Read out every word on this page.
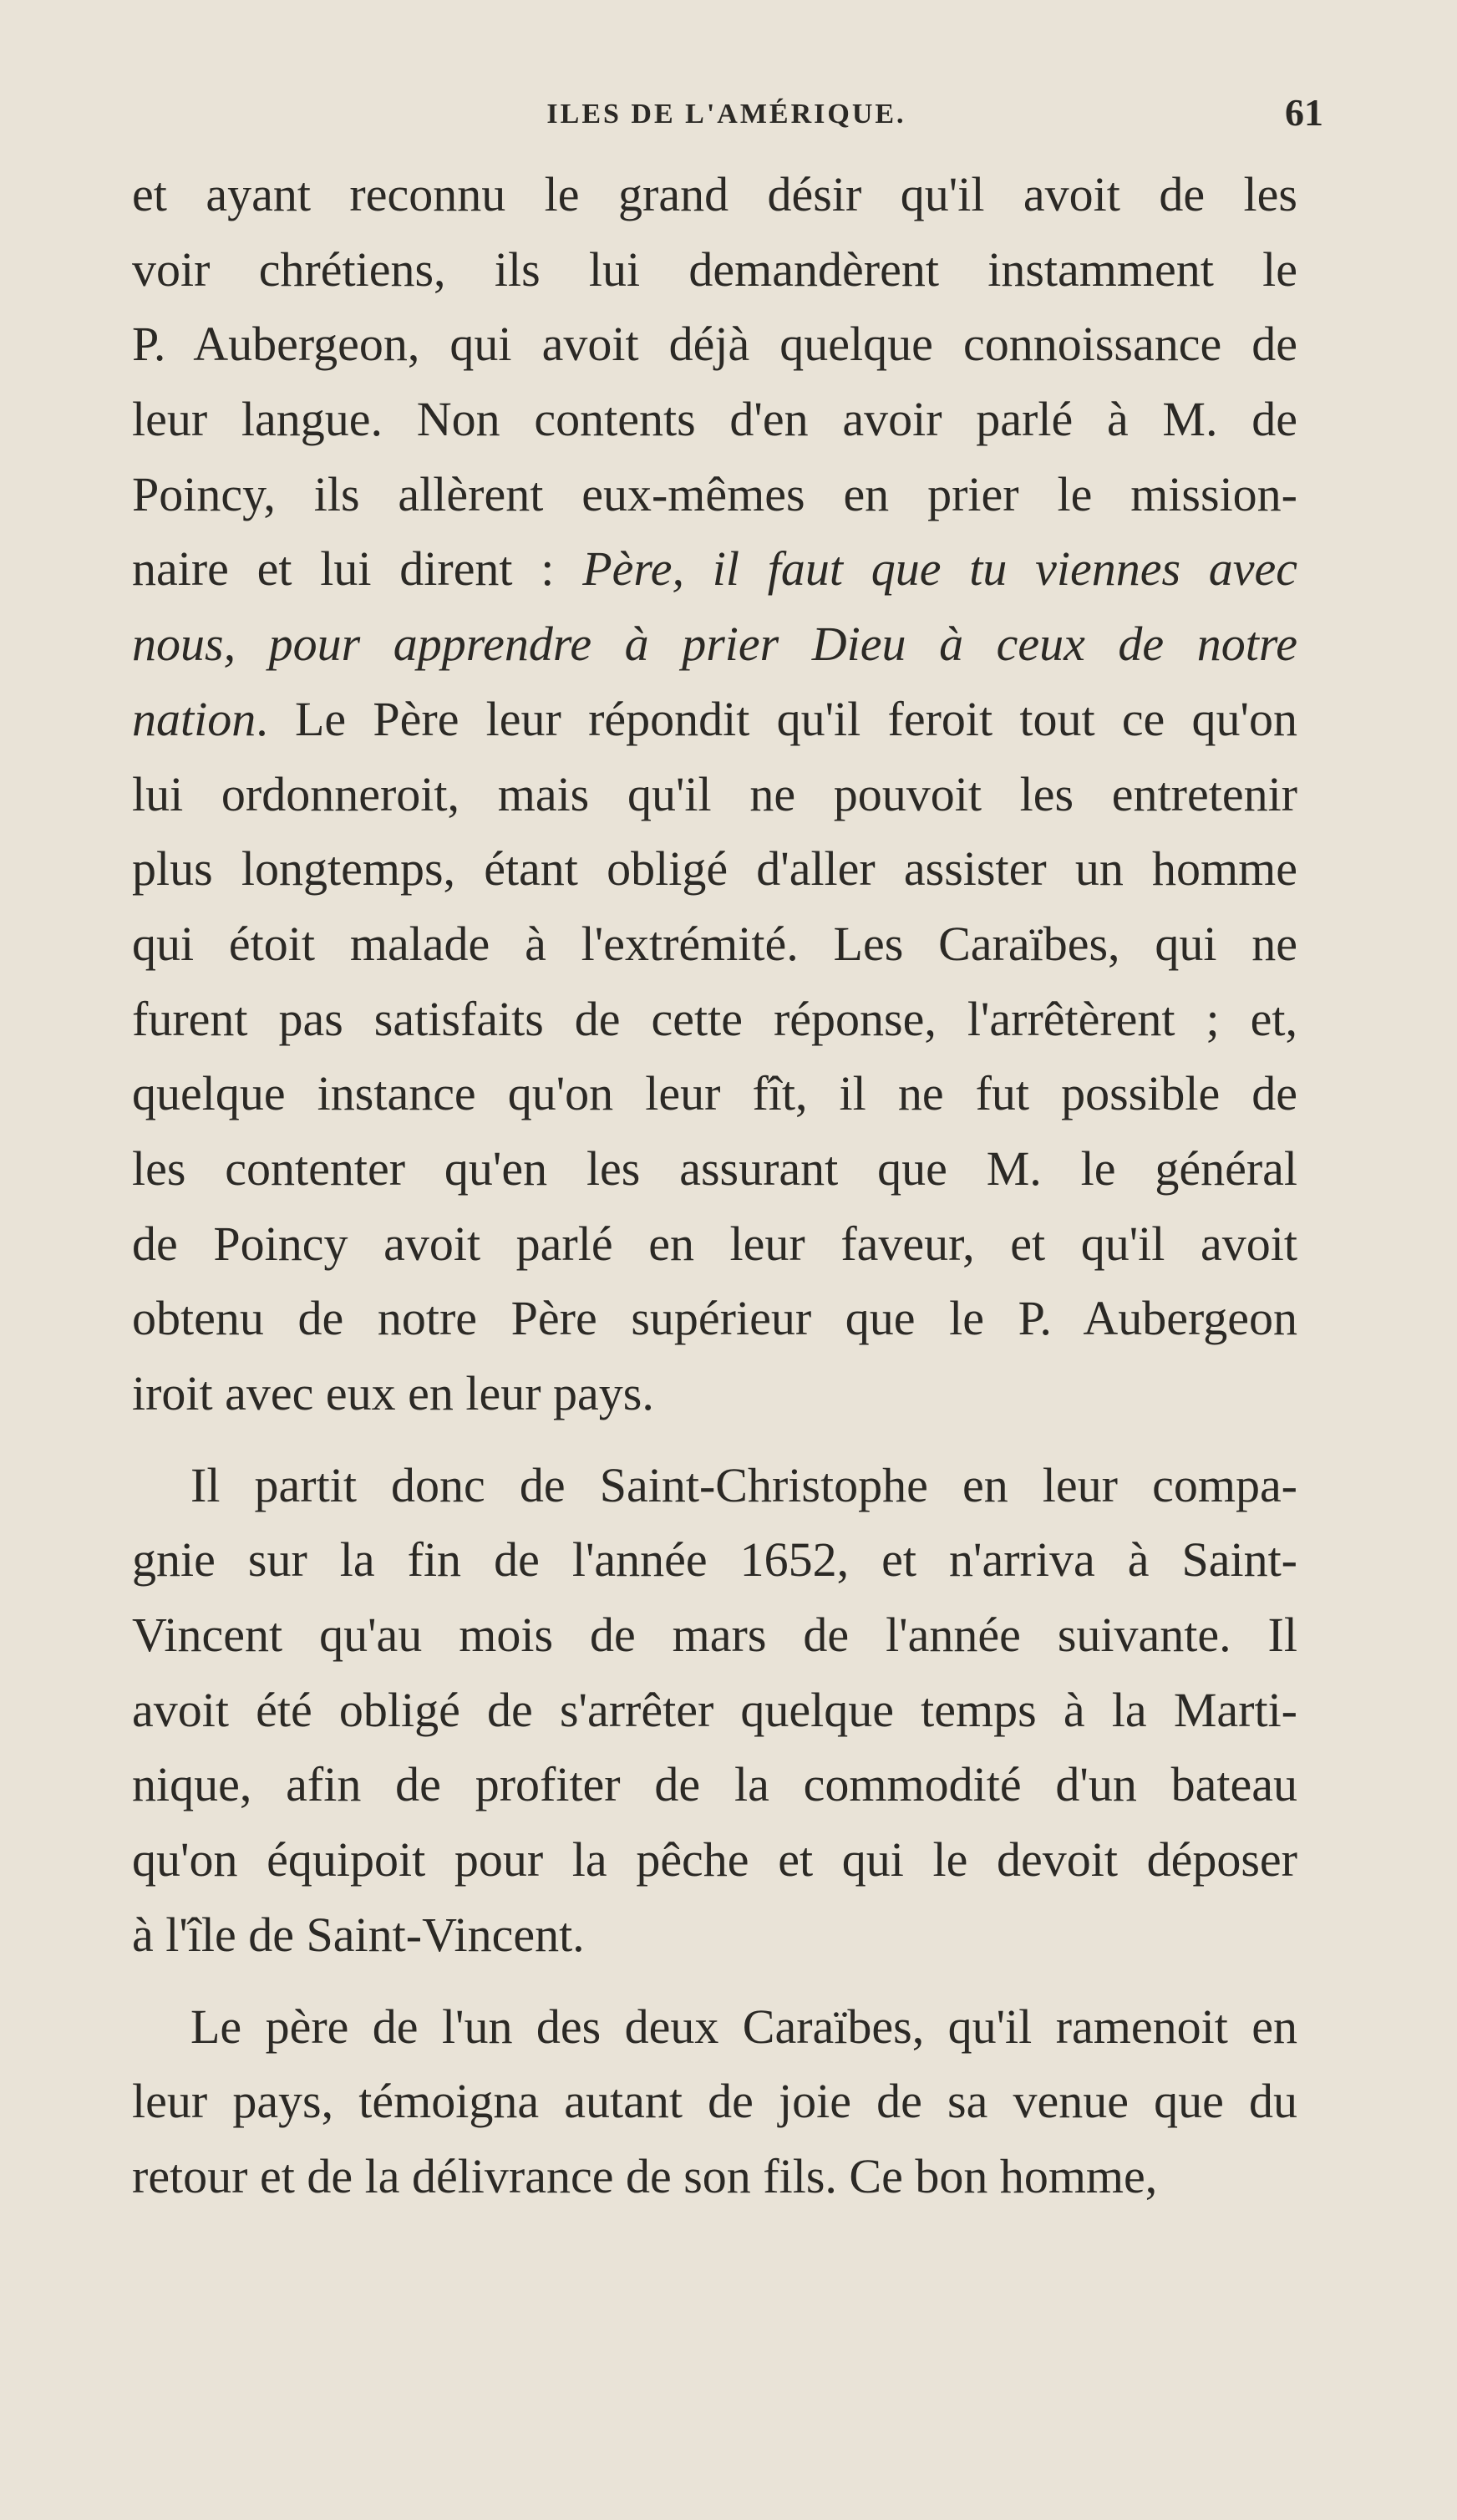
ILES DE L'AMÉRIQUE.	61
et ayant reconnu le grand désir qu'il avoit de les
voir chrétiens, ils lui demandèrent instamment le
P. Aubergeon, qui avoit déjà quelque connoissance de
leur langue. Non contents d'en avoir parlé à M. de
Poincy, ils allèrent eux-mêmes en prier le mission-
naire et lui dirent : Père, il faut que tu viennes avec
nous, pour apprendre à prier Dieu à ceux de notre
nation. Le Père leur répondit qu'il feroit tout ce qu'on
lui ordonneroit, mais qu'il ne pouvoit les entretenir
plus longtemps, étant obligé d'aller assister un homme
qui étoit malade à l'extrémité. Les Caraïbes, qui ne
furent pas satisfaits de cette réponse, l'arrêtèrent ; et,
quelque instance qu'on leur fît, il ne fut possible de
les contenter qu'en les assurant que M. le général
de Poincy avoit parlé en leur faveur, et qu'il avoit
obtenu de notre Père supérieur que le P. Aubergeon
iroit avec eux en leur pays.
Il partit donc de Saint-Christophe en leur compa-
gnie sur la fin de l'année 1652, et n'arriva à Saint-
Vincent qu'au mois de mars de l'année suivante. Il
avoit été obligé de s'arrêter quelque temps à la Marti-
nique, afin de profiter de la commodité d'un bateau
qu'on équipoit pour la pêche et qui le devoit déposer
à l'île de Saint-Vincent.
Le père de l'un des deux Caraïbes, qu'il ramenoit en
leur pays, témoigna autant de joie de sa venue que du
retour et de la délivrance de son fils. Ce bon homme,
